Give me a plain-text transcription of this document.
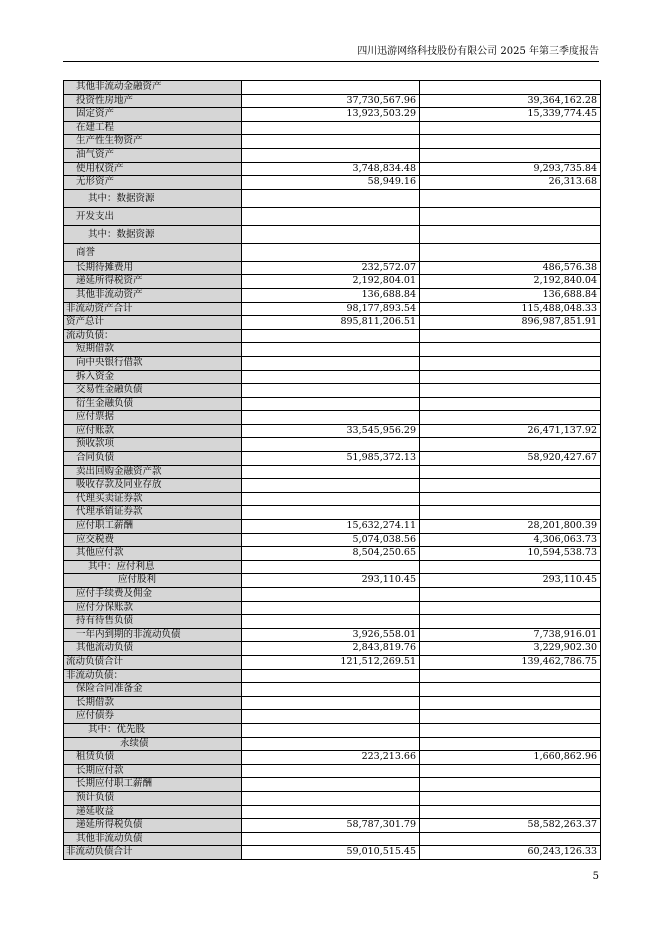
四川迅游网络科技股份有限公司 2025 年第三季度报告
其他非流动金融资产		
投资性房地产	37,730,567.96	39,364,162.28
固定资产	13,923,503.29	15,339,774.45
在建工程		
生产性生物资产		
油气资产		
使用权资产	3,748,834.48	9,293,735.84
无形资产	58,949.16	26,313.68
其中：数据资源		
开发支出		
其中：数据资源		
商誉		
长期待摊费用	232,572.07	486,576.38
递延所得税资产	2,192,804.01	2,192,840.04
其他非流动资产	136,688.84	136,688.84
非流动资产合计	98,177,893.54	115,488,048.33
资产总计	895,811,206.51	896,987,851.91
流动负债：		
短期借款		
向中央银行借款		
拆入资金		
交易性金融负债		
衍生金融负债		
应付票据		
应付账款	33,545,956.29	26,471,137.92
预收款项		
合同负债	51,985,372.13	58,920,427.67
卖出回购金融资产款		
吸收存款及同业存放		
代理买卖证券款		
代理承销证券款		
应付职工薪酬	15,632,274.11	28,201,800.39
应交税费	5,074,038.56	4,306,063.73
其他应付款	8,504,250.65	10,594,538.73
其中：应付利息		
应付股利	293,110.45	293,110.45
应付手续费及佣金		
应付分保账款		
持有待售负债		
一年内到期的非流动负债	3,926,558.01	7,738,916.01
其他流动负债	2,843,819.76	3,229,902.30
流动负债合计	121,512,269.51	139,462,786.75
非流动负债：		
保险合同准备金		
长期借款		
应付债券		
其中：优先股		
永续债		
租赁负债	223,213.66	1,660,862.96
长期应付款		
长期应付职工薪酬		
预计负债		
递延收益		
递延所得税负债	58,787,301.79	58,582,263.37
其他非流动负债		
非流动负债合计	59,010,515.45	60,243,126.33
5
